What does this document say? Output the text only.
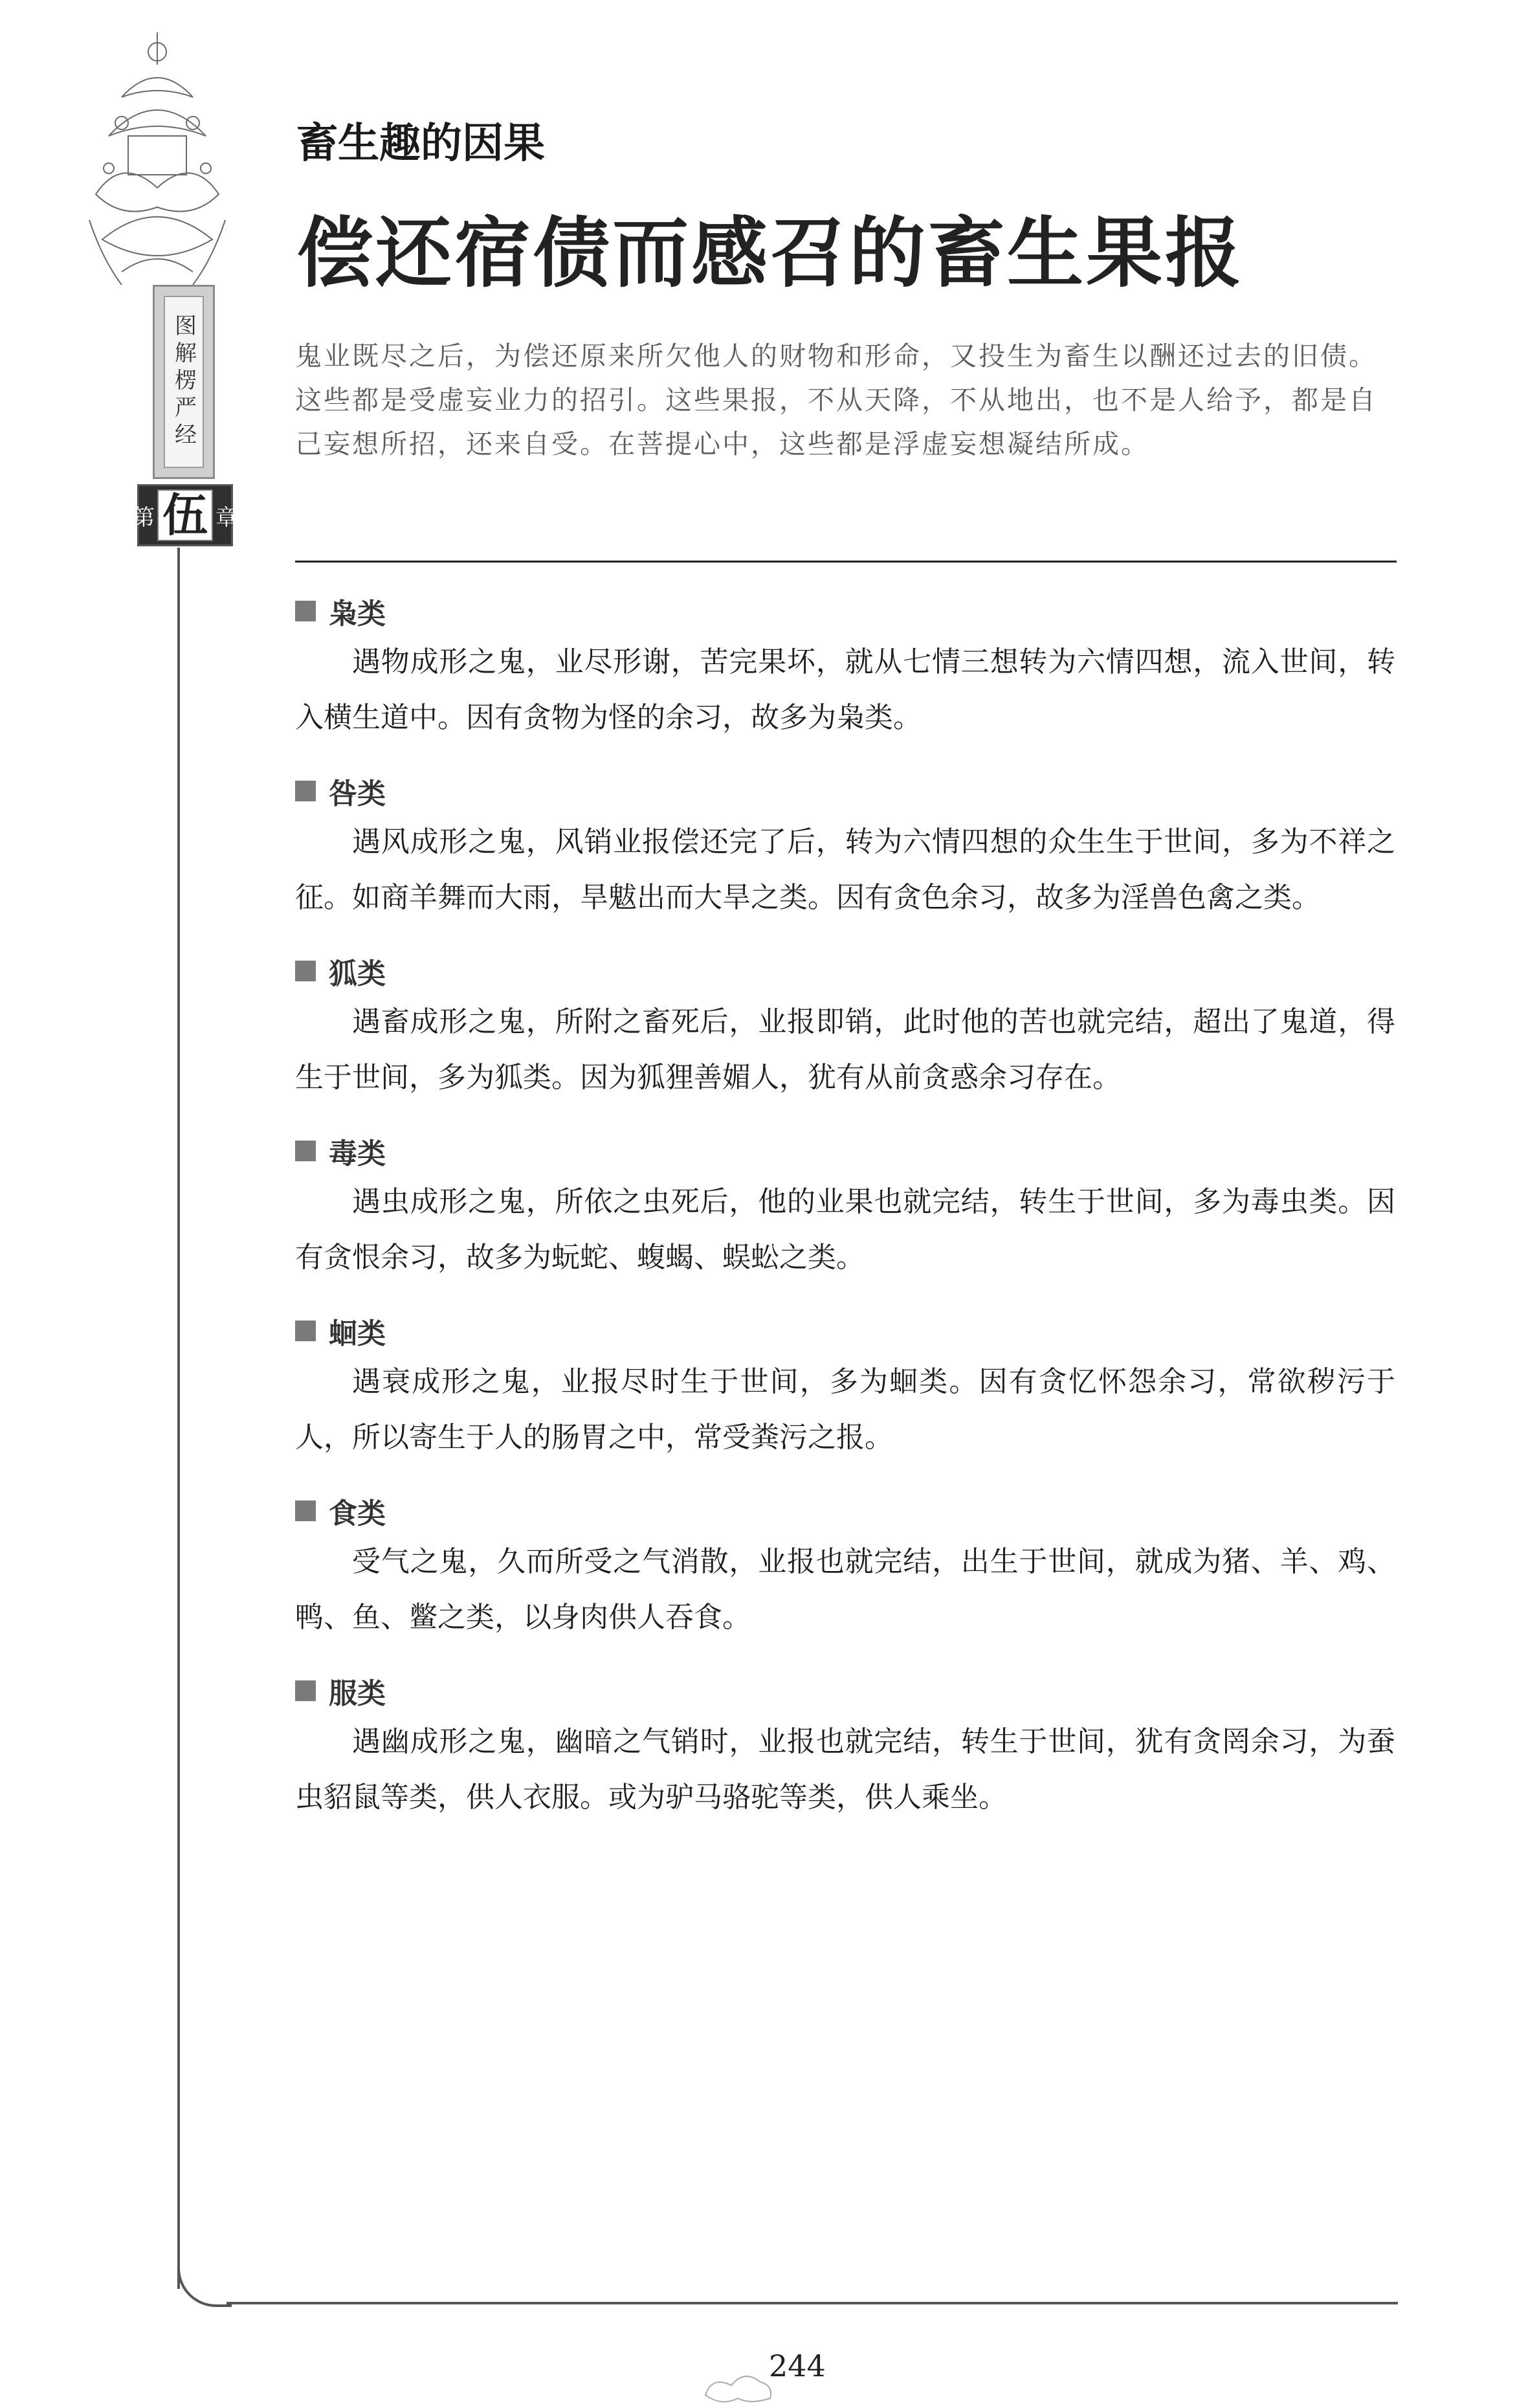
图解楞严经
第 伍 章
畜生趣的因果
偿还宿债而感召的畜生果报

鬼业既尽之后，为偿还原来所欠他人的财物和形命，又投生为畜生以酬还过去的旧债。这些都是受虚妄业力的招引。这些果报，不从天降，不从地出，也不是人给予，都是自己妄想所招，还来自受。在菩提心中，这些都是浮虚妄想凝结所成。

枭类

遇物成形之鬼，业尽形谢，苦完果坏，就从七情三想转为六情四想，流入世间，转入横生道中。因有贪物为怪的余习，故多为枭类。

咎类

遇风成形之鬼，风销业报偿还完了后，转为六情四想的众生生于世间，多为不祥之征。如商羊舞而大雨，旱魃出而大旱之类。因有贪色余习，故多为淫兽色禽之类。

狐类

遇畜成形之鬼，所附之畜死后，业报即销，此时他的苦也就完结，超出了鬼道，得生于世间，多为狐类。因为狐狸善媚人，犹有从前贪惑余习存在。

毒类

遇虫成形之鬼，所依之虫死后，他的业果也就完结，转生于世间，多为毒虫类。因有贪恨余习，故多为蚖蛇、蝮蝎、蜈蚣之类。

蛔类

遇衰成形之鬼，业报尽时生于世间，多为蛔类。因有贪忆怀怨余习，常欲秽污于人，所以寄生于人的肠胃之中，常受粪污之报。

食类

受气之鬼，久而所受之气消散，业报也就完结，出生于世间，就成为猪、羊、鸡、鸭、鱼、鳖之类，以身肉供人吞食。

服类

遇幽成形之鬼，幽暗之气销时，业报也就完结，转生于世间，犹有贪罔余习，为蚕虫貂鼠等类，供人衣服。或为驴马骆驼等类，供人乘坐。

244
